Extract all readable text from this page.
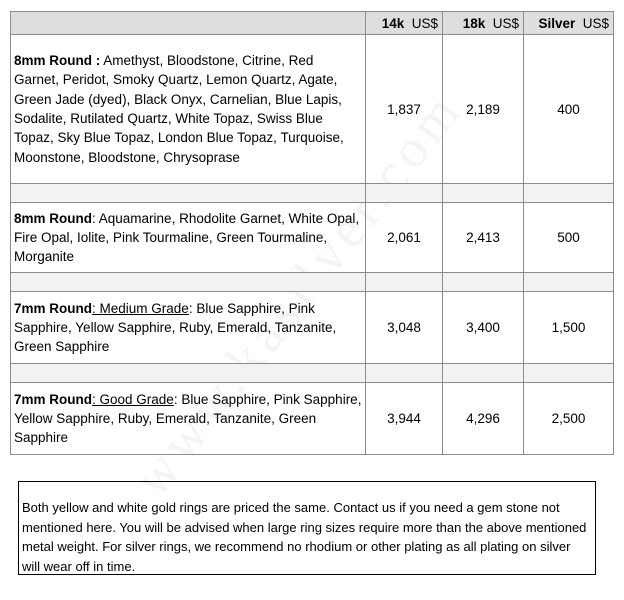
	14k US$	18k US$	Silver US$
8mm Round : Amethyst, Bloodstone, Citrine, Red Garnet, Peridot, Smoky Quartz, Lemon Quartz, Agate, Green Jade (dyed), Black Onyx, Carnelian, Blue Lapis, Sodalite, Rutilated Quartz, White Topaz, Swiss Blue Topaz, Sky Blue Topaz, London Blue Topaz, Turquoise, Moonstone, Bloodstone, Chrysoprase	1,837	2,189	400

8mm Round: Aquamarine, Rhodolite Garnet, White Opal, Fire Opal, Iolite, Pink Tourmaline, Green Tourmaline, Morganite	2,061	2,413	500

7mm Round: Medium Grade: Blue Sapphire, Pink Sapphire, Yellow Sapphire, Ruby, Emerald, Tanzanite, Green Sapphire	3,048	3,400	1,500

7mm Round: Good Grade: Blue Sapphire, Pink Sapphire, Yellow Sapphire, Ruby, Emerald, Tanzanite, Green Sapphire	3,944	4,296	2,500
Both yellow and white gold rings are priced the same. Contact us if you need a gem stone not mentioned here. You will be advised when large ring sizes require more than the above mentioned metal weight. For silver rings, we recommend no rhodium or other plating as all plating on silver will wear off in time.
